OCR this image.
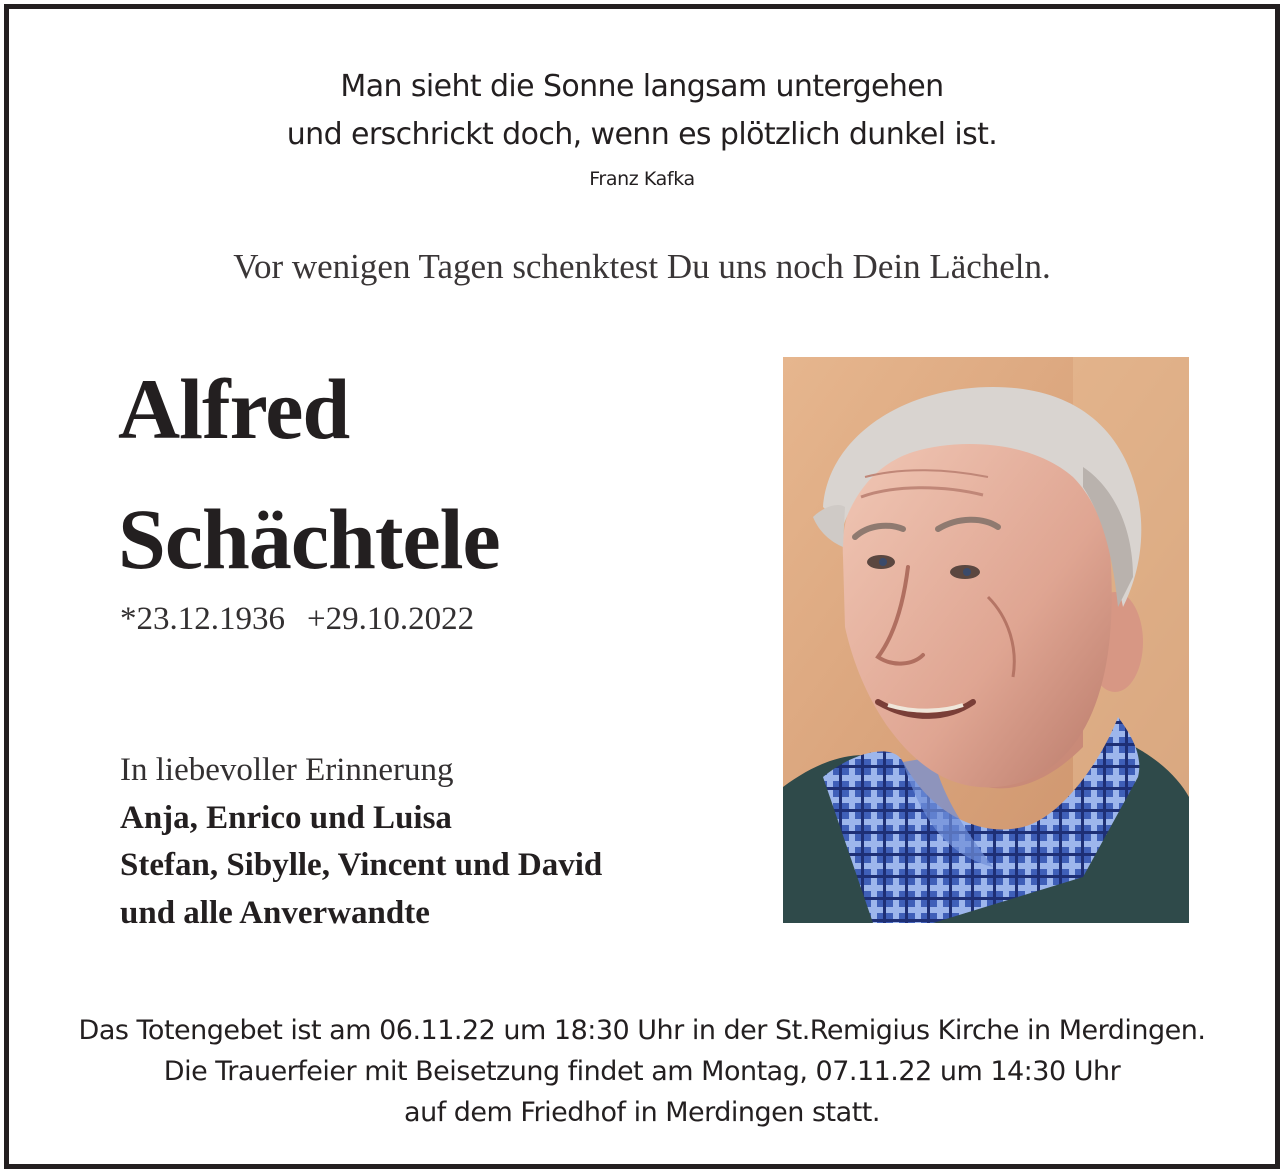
Man sieht die Sonne langsam untergehen
und erschrickt doch, wenn es plötzlich dunkel ist.
Franz Kafka
Vor wenigen Tagen schenktest Du uns noch Dein Lächeln.
Alfred
Schächtele
*23.12.1936 +29.10.2022
In liebevoller Erinnerung
Anja, Enrico und Luisa
Stefan, Sibylle, Vincent und David
und alle Anverwandte
Das Totengebet ist am 06.11.22 um 18:30 Uhr in der St.Remigius Kirche in Merdingen.
Die Trauerfeier mit Beisetzung findet am Montag, 07.11.22 um 14:30 Uhr
auf dem Friedhof in Merdingen statt.
